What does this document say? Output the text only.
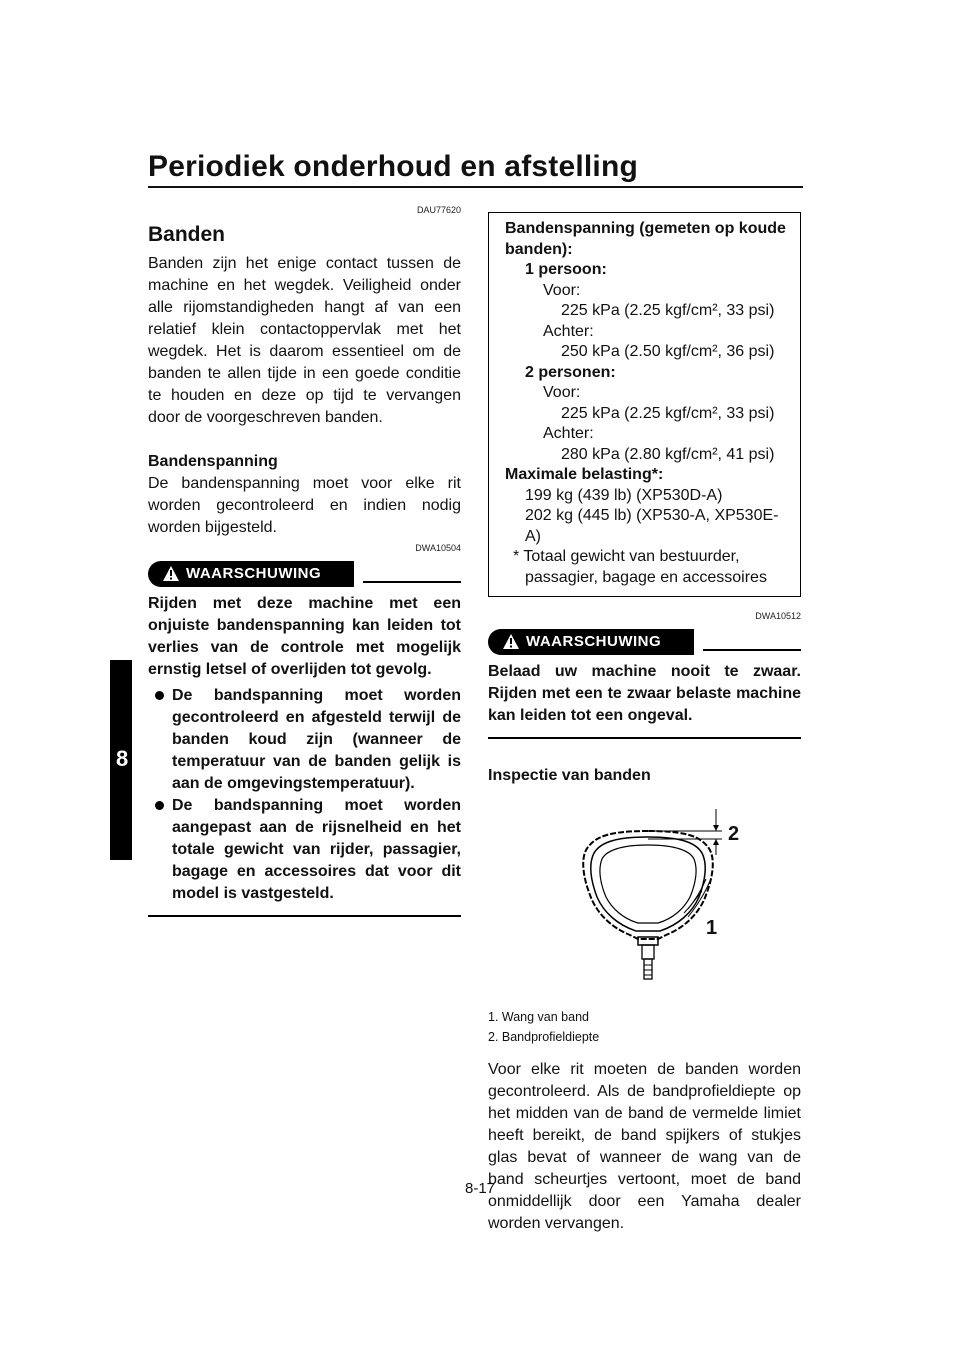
Periodiek onderhoud en afstelling
8
DAU77620
Banden

Banden zijn het enige contact tussen de machine en het wegdek. Veiligheid onder alle rijomstandigheden hangt af van een relatief klein contactoppervlak met het wegdek. Het is daarom essentieel om de banden te allen tijde in een goede conditie te houden en deze op tijd te vervangen door de voorgeschreven banden.

Bandenspanning

De bandenspanning moet voor elke rit worden gecontroleerd en indien nodig worden bijgesteld.

DWA10504
WAARSCHUWING

Rijden met deze machine met een onjuiste bandenspanning kan leiden tot verlies van de controle met mogelijk ernstig letsel of overlijden tot gevolg.

De bandspanning moet worden gecontroleerd en afgesteld terwijl de banden koud zijn (wanneer de temperatuur van de banden gelijk is aan de omgevingstemperatuur).
De bandspanning moet worden aangepast aan de rijsnelheid en het totale gewicht van rijder, passagier, bagage en accessoires dat voor dit model is vastgesteld.
Bandenspanning (gemeten op koude banden):
1 persoon:
Voor:
225 kPa (2.25 kgf/cm², 33 psi)
Achter:
250 kPa (2.50 kgf/cm², 36 psi)
2 personen:
Voor:
225 kPa (2.25 kgf/cm², 33 psi)
Achter:
280 kPa (2.80 kgf/cm², 41 psi)
Maximale belasting*:
199 kg (439 lb) (XP530D-A)
202 kg (445 lb) (XP530-A, XP530E-A)
* Totaal gewicht van bestuurder, passagier, bagage en accessoires
DWA10512
WAARSCHUWING

Belaad uw machine nooit te zwaar. Rijden met een te zwaar belaste machine kan leiden tot een ongeval.

Inspectie van banden
2
1

1. Wang van band

2. Bandprofieldiepte

Voor elke rit moeten de banden worden gecontroleerd. Als de bandprofieldiepte op het midden van de band de vermelde limiet heeft bereikt, de band spijkers of stukjes glas bevat of wanneer de wang van de band scheurtjes vertoont, moet de band onmiddellijk door een Yamaha dealer worden vervangen.

8-17
